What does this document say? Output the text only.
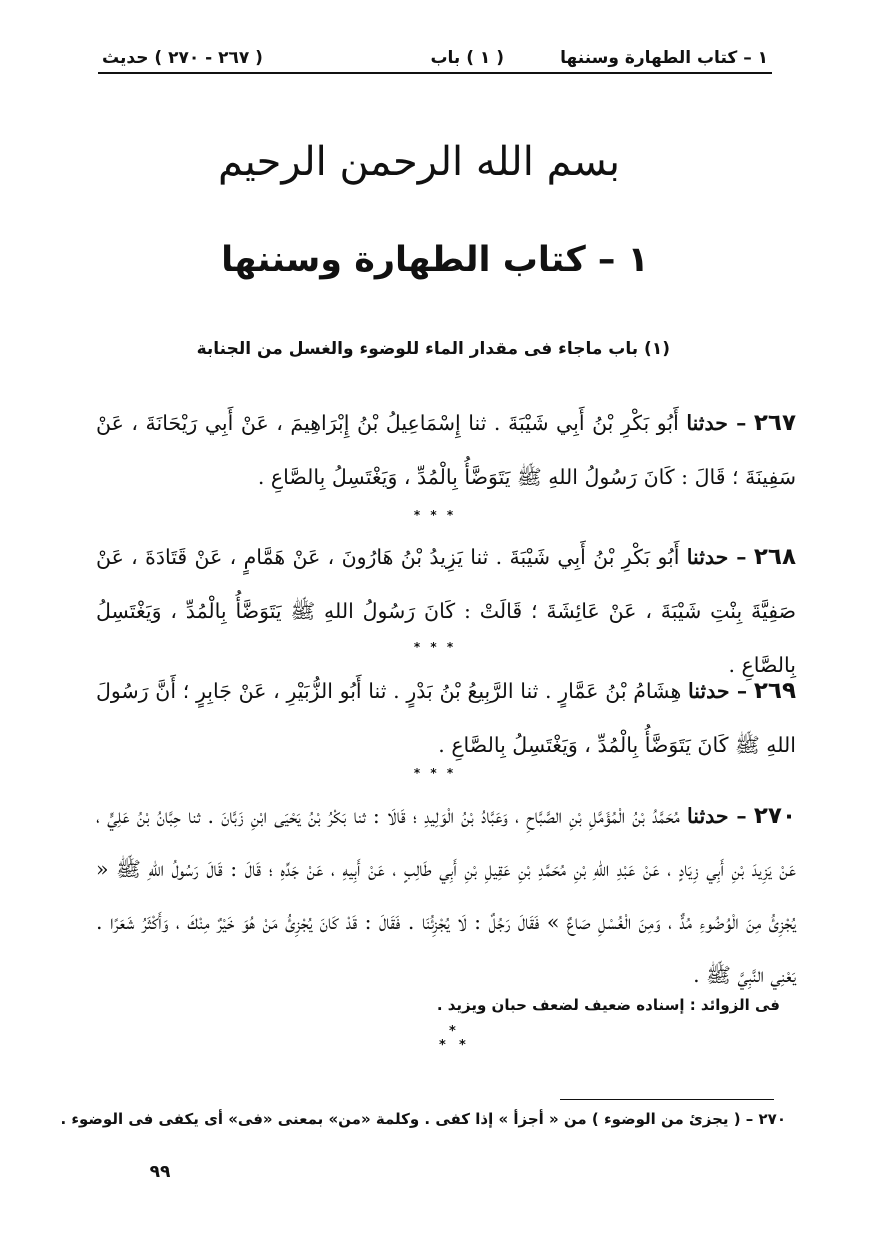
١ – كتاب الطهارة وسننها
( ١ ) باب
( ٢٦٧ - ٢٧٠ ) حديث
بسم الله الرحمن الرحيم
١ – كتاب الطهارة وسننها
(١) باب ماجاء فى مقدار الماء للوضوء والغسل من الجنابة
٢٦٧ – حدثنا أَبُو بَكْرِ بْنُ أَبِي شَيْبَةَ . ثنا إِسْمَاعِيلُ بْنُ إِبْرَاهِيمَ ، عَنْ أَبِي رَيْحَانَةَ ، عَنْ سَفِينَةَ ؛ قَالَ : كَانَ رَسُولُ اللهِ ﷺ يَتَوَضَّأُ بِالْمُدِّ ، وَيَغْتَسِلُ بِالصَّاعِ .
* * *
٢٦٨ – حدثنا أَبُو بَكْرِ بْنُ أَبِي شَيْبَةَ . ثنا يَزِيدُ بْنُ هَارُونَ ، عَنْ هَمَّامٍ ، عَنْ قَتَادَةَ ، عَنْ صَفِيَّةَ بِنْتِ شَيْبَةَ ، عَنْ عَائِشَةَ ؛ قَالَتْ : كَانَ رَسُولُ اللهِ ﷺ يَتَوَضَّأُ بِالْمُدِّ ، وَيَغْتَسِلُ بِالصَّاعِ .
* * *
٢٦٩ – حدثنا هِشَامُ بْنُ عَمَّارٍ . ثنا الرَّبِيعُ بْنُ بَدْرٍ . ثنا أَبُو الزُّبَيْرِ ، عَنْ جَابِرٍ ؛ أَنَّ رَسُولَ اللهِ ﷺ كَانَ يَتَوَضَّأُ بِالْمُدِّ ، وَيَغْتَسِلُ بِالصَّاعِ .
* * *
٢٧٠ – حدثنا مُحَمَّدُ بْنُ الْمُؤَمَّلِ بْنِ الصَّبَّاحِ ، وَعَبَّادُ بْنُ الْوَلِيدِ ؛ قَالَا : ثنا بَكْرُ بْنُ يَحْيَى ابْنِ زَبَّانَ . ثنا حِبَّانُ بْنُ عَلِيٍّ ، عَنْ يَزِيدَ بْنِ أَبِي زِيَادٍ ، عَنْ عَبْدِ اللهِ بْنِ مُحَمَّدِ بْنِ عَقِيلِ بْنِ أَبِي طَالِبٍ ، عَنْ أَبِيهِ ، عَنْ جَدِّهِ ؛ قَالَ : قَالَ رَسُولُ اللهِ ﷺ « يُجْزِئُ مِنَ الْوُضُوءِ مُدٌّ ، وَمِنَ الْغُسْلِ صَاعٌ » فَقَالَ رَجُلٌ : لَا يُجْزِئُنَا . فَقَالَ : قَدْ كَانَ يُجْزِئُ مَنْ هُوَ خَيْرٌ مِنْكَ ، وَأَكْثَرُ شَعَرًا . يَعْنِي النَّبِيَّ ﷺ .
فى الزوائد : إسناده ضعيف لضعف حبان ويزيد .
*
* *
٢٧٠ – ( يجزئ من الوضوء ) من « أجزأ » إذا كفى . وكلمة «من» بمعنى «فى» أى يكفى فى الوضوء .
٩٩
